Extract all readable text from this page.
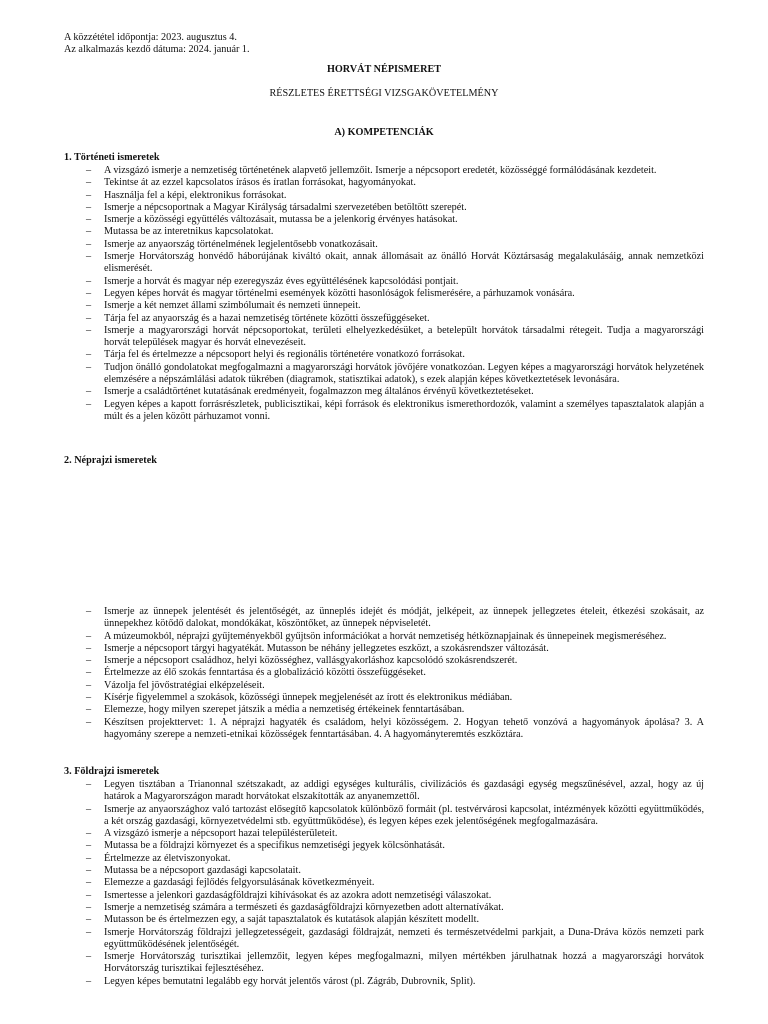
A közzététel időpontja: 2023. augusztus 4.
Az alkalmazás kezdő dátuma: 2024. január 1.
HORVÁT NÉPISMERET
RÉSZLETES ÉRETTSÉGI VIZSGAKÖVETELMÉNY
A) KOMPETENCIÁK
1. Történeti ismeretek
– A vizsgázó ismerje a nemzetiség történetének alapvető jellemzőit. Ismerje a népcsoport eredetét, közösséggé formálódásának kezdeteit.
– Tekintse át az ezzel kapcsolatos írásos és íratlan forrásokat, hagyományokat.
– Használja fel a képi, elektronikus forrásokat.
– Ismerje a népcsoportnak a Magyar Királyság társadalmi szervezetében betöltött szerepét.
– Ismerje a közösségi együttélés változásait, mutassa be a jelenkorig érvényes hatásokat.
– Mutassa be az interetnikus kapcsolatokat.
– Ismerje az anyaország történelmének legjelentősebb vonatkozásait.
– Ismerje Horvátország honvédő háborújának kiváltó okait, annak állomásait az önálló Horvát Köztársaság megalakulásáig, annak nemzetközi elismerését.
– Ismerje a horvát és magyar nép ezeregyszáz éves együttélésének kapcsolódási pontjait.
– Legyen képes horvát és magyar történelmi események közötti hasonlóságok felismerésére, a párhuzamok vonására.
– Ismerje a két nemzet állami szimbólumait és nemzeti ünnepeit.
– Tárja fel az anyaország és a hazai nemzetiség története közötti összefüggéseket.
– Ismerje a magyarországi horvát népcsoportokat, területi elhelyezkedésüket, a betelepült horvátok társadalmi rétegeit. Tudja a magyarországi horvát települések magyar és horvát elnevezéseit.
– Tárja fel és értelmezze a népcsoport helyi és regionális történetére vonatkozó forrásokat.
– Tudjon önálló gondolatokat megfogalmazni a magyarországi horvátok jövőjére vonatkozóan. Legyen képes a magyarországi horvátok helyzetének elemzésére a népszámlálási adatok tükrében (diagramok, statisztikai adatok), s ezek alapján képes következtetések levonására.
– Ismerje a családtörténet kutatásának eredményeit, fogalmazzon meg általános érvényű következtetéseket.
– Legyen képes a kapott forrásrészletek, publicisztikai, képi források és elektronikus ismerethordozók, valamint a személyes tapasztalatok alapján a múlt és a jelen között párhuzamot vonni.
2. Néprajzi ismeretek
– Ismerje az ünnepek jelentését és jelentőségét, az ünneplés idejét és módját, jelképeit, az ünnepek jellegzetes ételeit, étkezési szokásait, az ünnepekhez kötődő dalokat, mondókákat, köszöntőket, az ünnepek népviseletét.
– A múzeumokból, néprajzi gyűjteményekből gyűjtsön információkat a horvát nemzetiség hétköznapjainak és ünnepeinek megismeréséhez.
– Ismerje a népcsoport tárgyi hagyatékát. Mutasson be néhány jellegzetes eszközt, a szokásrendszer változását.
– Ismerje a népcsoport családhoz, helyi közösséghez, vallásgyakorláshoz kapcsolódó szokásrendszerét.
– Értelmezze az élő szokás fenntartása és a globalizáció közötti összefüggéseket.
– Vázolja fel jövőstratégiai elképzeléseit.
– Kísérje figyelemmel a szokások, közösségi ünnepek megjelenését az írott és elektronikus médiában.
– Elemezze, hogy milyen szerepet játszik a média a nemzetiség értékeinek fenntartásában.
– Készítsen projekttervet: 1. A néprajzi hagyaték és családom, helyi közösségem. 2. Hogyan tehető vonzóvá a hagyományok ápolása? 3. A hagyomány szerepe a nemzeti-etnikai közösségek fenntartásában. 4. A hagyományteremtés eszköztára.
3. Földrajzi ismeretek
– Legyen tisztában a Trianonnal szétszakadt, az addigi egységes kulturális, civilizációs és gazdasági egység megszűnésével, azzal, hogy az új határok a Magyarországon maradt horvátokat elszakították az anyanemzettől.
– Ismerje az anyaországhoz való tartozást elősegítő kapcsolatok különböző formáit (pl. testvérvárosi kapcsolat, intézmények közötti együttműködés, a két ország gazdasági, környezetvédelmi stb. együttműködése), és legyen képes ezek jelentőségének megfogalmazására.
– A vizsgázó ismerje a népcsoport hazai településterületeit.
– Mutassa be a földrajzi környezet és a specifikus nemzetiségi jegyek kölcsönhatását.
– Értelmezze az életviszonyokat.
– Mutassa be a népcsoport gazdasági kapcsolatait.
– Elemezze a gazdasági fejlődés felgyorsulásának következményeit.
– Ismertesse a jelenkori gazdaságföldrajzi kihívásokat és az azokra adott nemzetiségi válaszokat.
– Ismerje a nemzetiség számára a természeti és gazdaságföldrajzi környezetben adott alternatívákat.
– Mutasson be és értelmezzen egy, a saját tapasztalatok és kutatások alapján készített modellt.
– Ismerje Horvátország földrajzi jellegzetességeit, gazdasági földrajzát, nemzeti és természetvédelmi parkjait, a Duna-Dráva közös nemzeti park együttműködésének jelentőségét.
– Ismerje Horvátország turisztikai jellemzőit, legyen képes megfogalmazni, milyen mértékben járulhatnak hozzá a magyarországi horvátok Horvátország turisztikai fejlesztéséhez.
– Legyen képes bemutatni legalább egy horvát jelentős várost (pl. Zágráb, Dubrovnik, Split).
